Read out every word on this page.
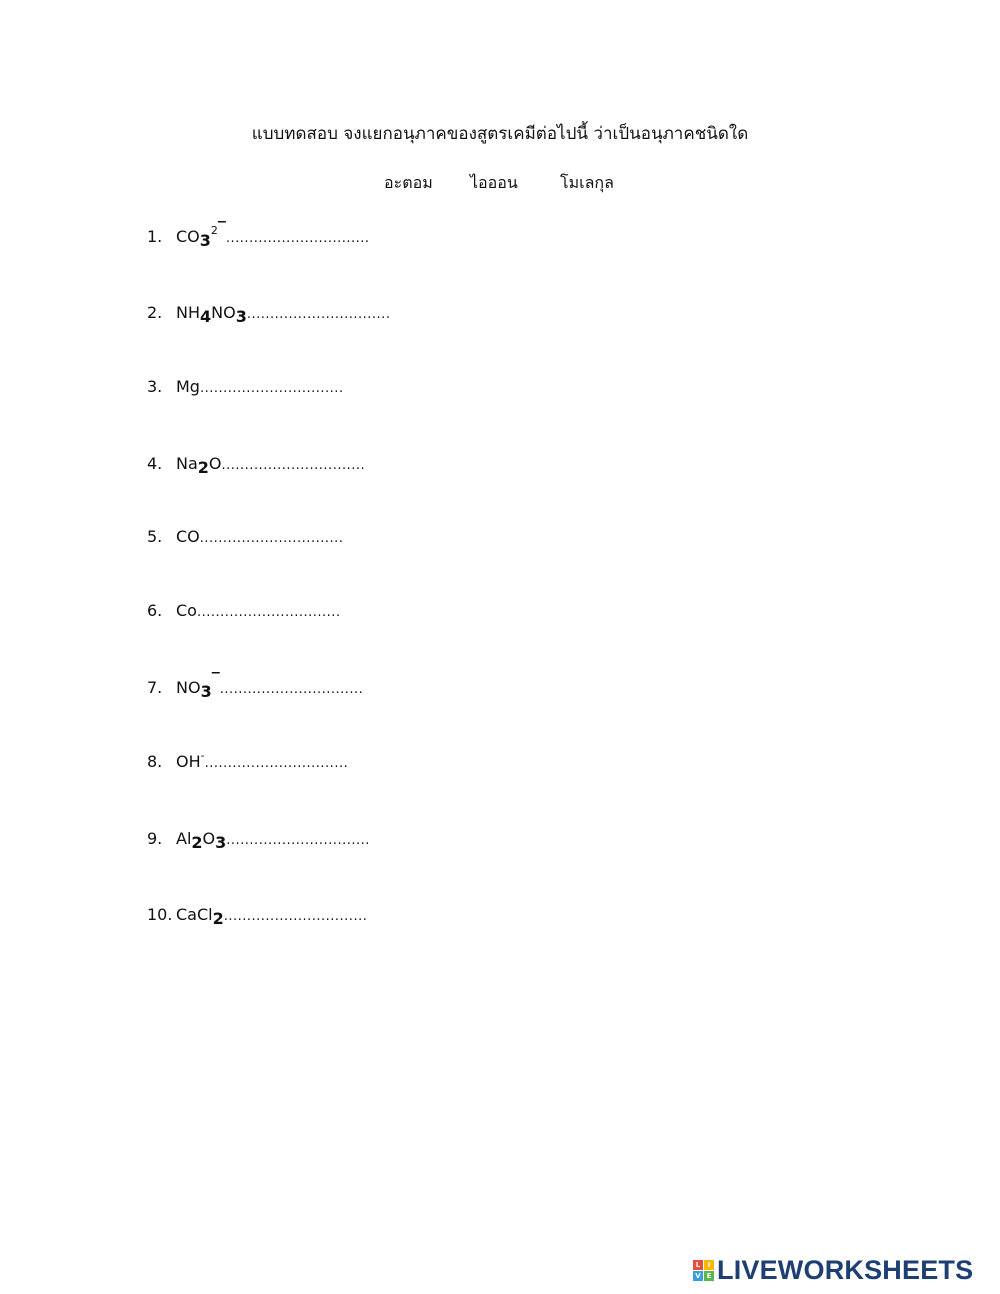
แบบทดสอบ จงแยกอนุภาคของสูตรเคมีต่อไปนี้ ว่าเป็นอนุภาคชนิดใด
อะตอม ไอออน	โมเลกุล
1. $CO3^2‾$...............................
2. NH4NO3...............................
3. Mg...............................
4. Na2O...............................
5. CO...............................
6. Co...............................
7. NO3‾...............................
8. OH-...............................
9. Al2O3...............................
10. CaCl2...............................
L	I
V E LIVEWORKSHEETS
